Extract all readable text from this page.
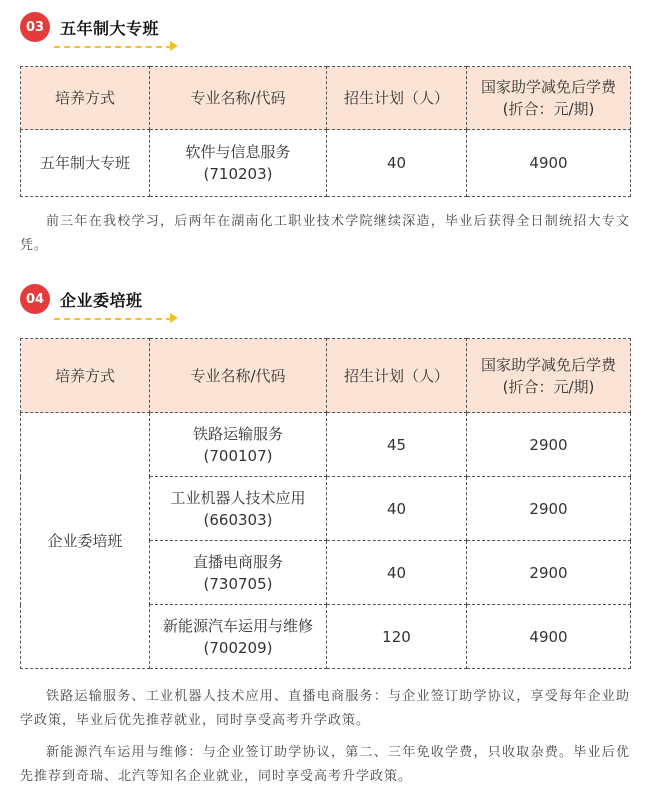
03 五年制大专班
培养方式	专业名称/代码	招生计划（人）	国家助学减免后学费
(折合：元/期)

五年制大专班	软件与信息服务
(710203)	40	4900
前三年在我校学习，后两年在湖南化工职业技术学院继续深造，毕业后获得全日制统招大专文凭。
04 企业委培班
培养方式	专业名称/代码	招生计划（人）	国家助学减免后学费
(折合：元/期)

企业委培班	铁路运输服务
(700107)	45	2900

	工业机器人技术应用
(660303)	40	2900

	直播电商服务
(730705)	40	2900

	新能源汽车运用与维修
(700209)	120	4900
铁路运输服务、工业机器人技术应用、直播电商服务：与企业签订助学协议，享受每年企业助学政策，毕业后优先推荐就业，同时享受高考升学政策。
新能源汽车运用与维修：与企业签订助学协议，第二、三年免收学费，只收取杂费。毕业后优先推荐到奇瑞、北汽等知名企业就业，同时享受高考升学政策。
